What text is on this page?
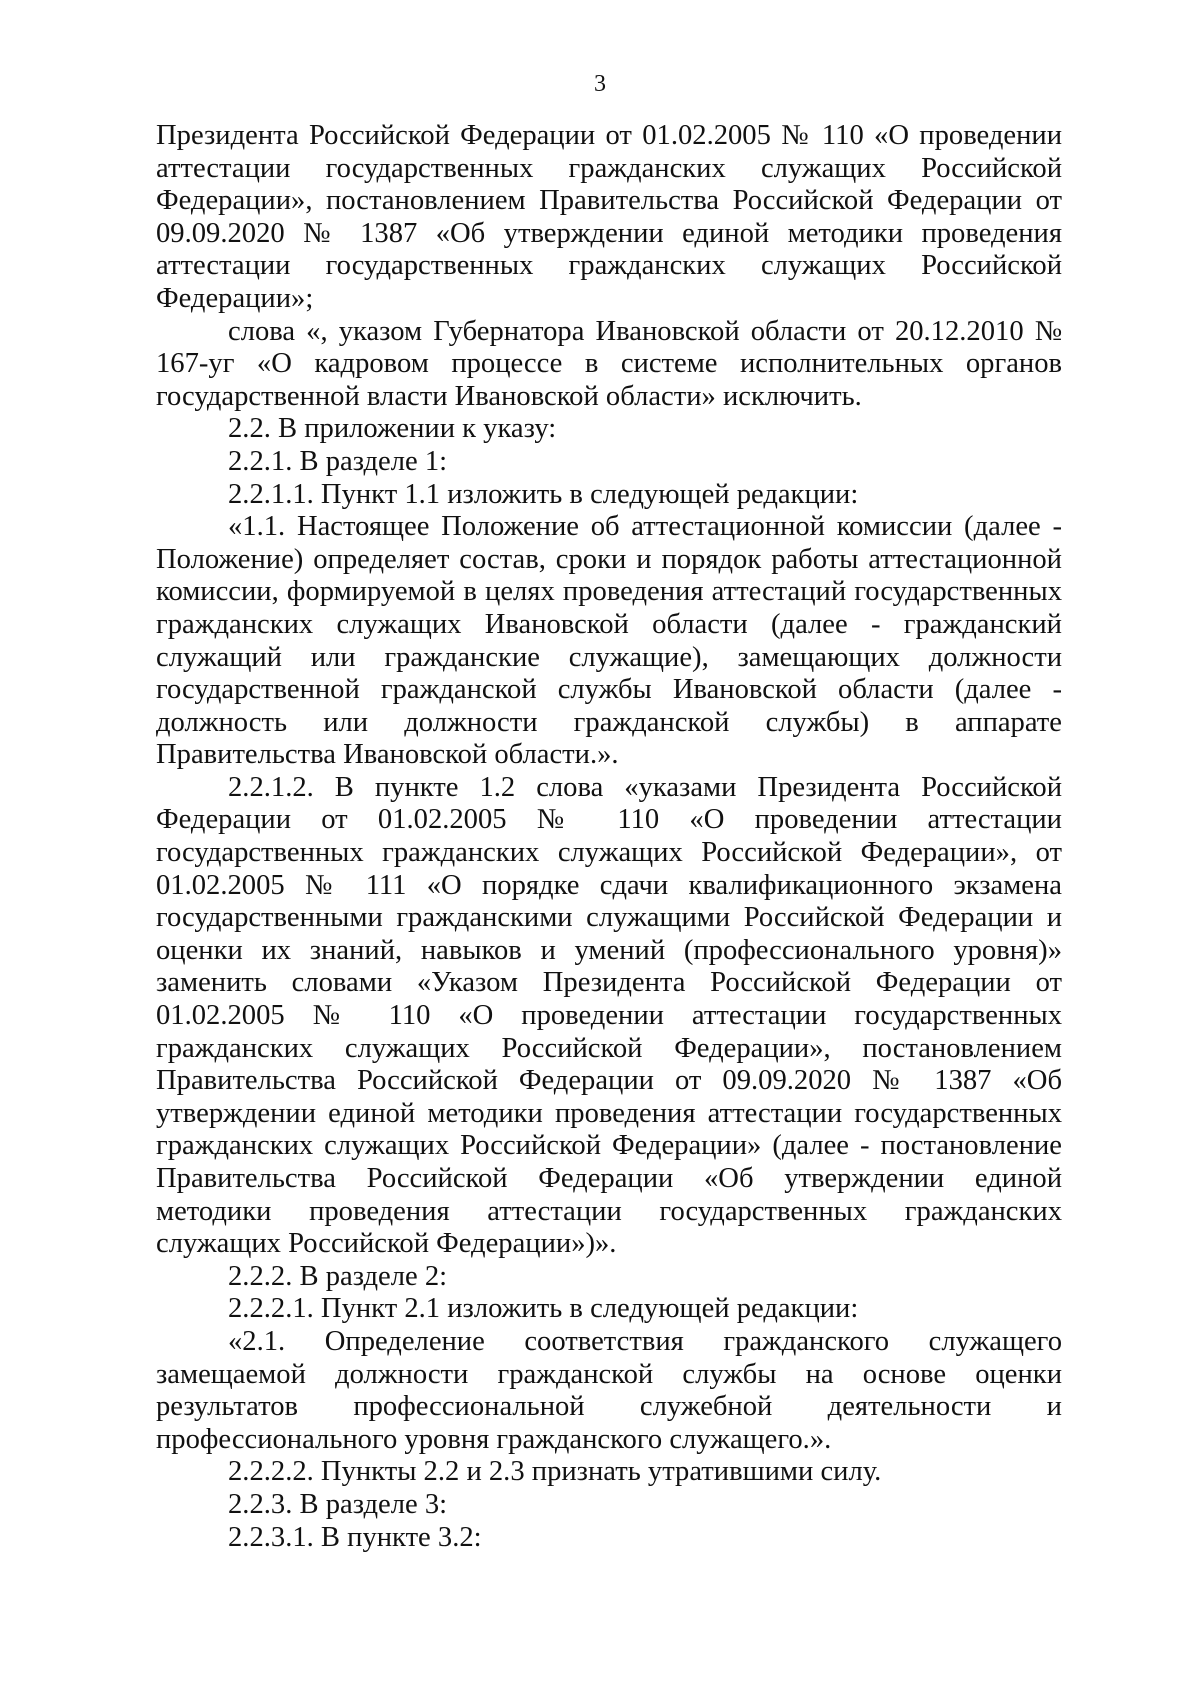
3

Президента Российской Федерации от 01.02.2005 № 110 «О проведении аттестации государственных гражданских служащих Российской Федерации», постановлением Правительства Российской Федерации от 09.09.2020 № 1387 «Об утверждении единой методики проведения аттестации государственных гражданских служащих Российской Федерации»;

слова «, указом Губернатора Ивановской области от 20.12.2010 № 167-уг «О кадровом процессе в системе исполнительных органов государственной власти Ивановской области» исключить.

2.2. В приложении к указу:

2.2.1. В разделе 1:

2.2.1.1. Пункт 1.1 изложить в следующей редакции:

«1.1. Настоящее Положение об аттестационной комиссии (далее - Положение) определяет состав, сроки и порядок работы аттестационной комиссии, формируемой в целях проведения аттестаций государственных гражданских служащих Ивановской области (далее - гражданский служащий или гражданские служащие), замещающих должности государственной гражданской службы Ивановской области (далее - должность или должности гражданской службы) в аппарате Правительства Ивановской области.».

2.2.1.2. В пункте 1.2 слова «указами Президента Российской Федерации от 01.02.2005 № 110 «О проведении аттестации государственных гражданских служащих Российской Федерации», от 01.02.2005 № 111 «О порядке сдачи квалификационного экзамена государственными гражданскими служащими Российской Федерации и оценки их знаний, навыков и умений (профессионального уровня)» заменить словами «Указом Президента Российской Федерации от 01.02.2005 № 110 «О проведении аттестации государственных гражданских служащих Российской Федерации», постановлением Правительства Российской Федерации от 09.09.2020 № 1387 «Об утверждении единой методики проведения аттестации государственных гражданских служащих Российской Федерации» (далее - постановление Правительства Российской Федерации «Об утверждении единой методики проведения аттестации государственных гражданских служащих Российской Федерации»)».

2.2.2. В разделе 2:

2.2.2.1. Пункт 2.1 изложить в следующей редакции:

«2.1. Определение соответствия гражданского служащего замещаемой должности гражданской службы на основе оценки результатов профессиональной служебной деятельности и профессионального уровня гражданского служащего.».

2.2.2.2. Пункты 2.2 и 2.3 признать утратившими силу.

2.2.3. В разделе 3:

2.2.3.1. В пункте 3.2:
